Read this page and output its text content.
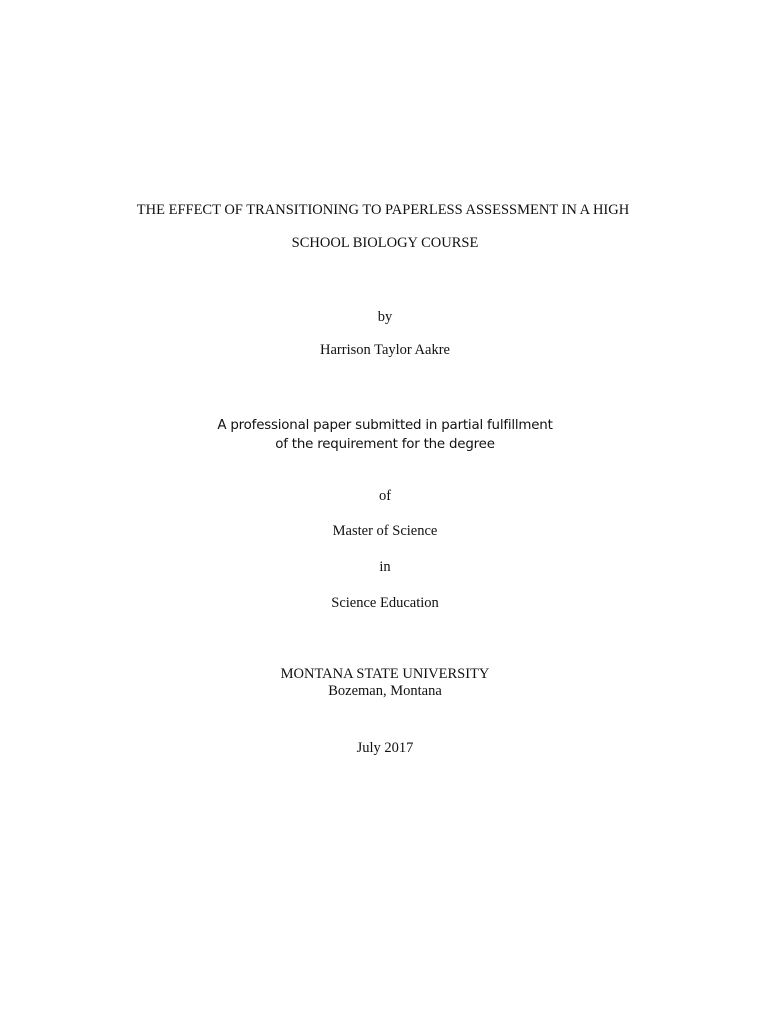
THE EFFECT OF TRANSITIONING TO PAPERLESS ASSESSMENT IN A HIGH
SCHOOL BIOLOGY COURSE
by
Harrison Taylor Aakre
A professional paper submitted in partial fulfillment
of the requirement for the degree
of
Master of Science
in
Science Education
MONTANA STATE UNIVERSITY
Bozeman, Montana
July 2017
